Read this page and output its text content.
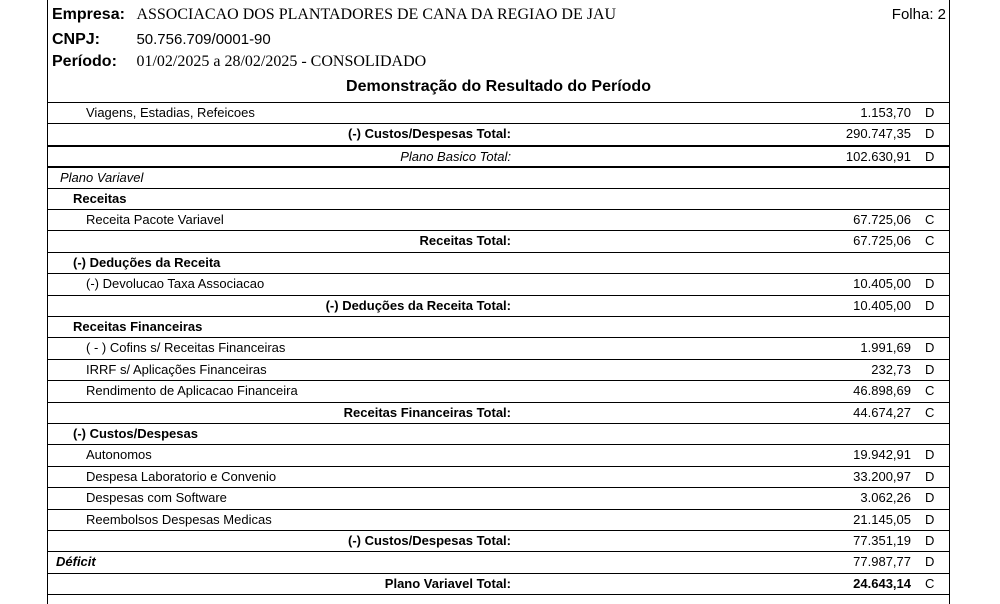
Empresa: ASSOCIACAO DOS PLANTADORES DE CANA DA REGIAO DE JAU	Folha: 2
CNPJ: 50.756.709/0001-90
Período: 01/02/2025 a 28/02/2025 - CONSOLIDADO
Demonstração do Resultado do Período
Viagens, Estadias, Refeicoes	1.153,70 D
(-) Custos/Despesas Total:	290.747,35 D
Plano Basico Total:	102.630,91 D
Plano Variavel
Receitas
Receita Pacote Variavel	67.725,06 C
Receitas Total:	67.725,06 C
(-) Deduções da Receita
(-) Devolucao Taxa Associacao	10.405,00 D
(-) Deduções da Receita Total:	10.405,00 D
Receitas Financeiras
( - ) Cofins s/ Receitas Financeiras	1.991,69 D
IRRF s/ Aplicações Financeiras	232,73 D
Rendimento de Aplicacao Financeira	46.898,69 C
Receitas Financeiras Total:	44.674,27 C
(-) Custos/Despesas
Autonomos	19.942,91 D
Despesa Laboratorio e Convenio	33.200,97 D
Despesas com Software	3.062,26 D
Reembolsos Despesas Medicas	21.145,05 D
(-) Custos/Despesas Total:	77.351,19 D
Déficit	77.987,77 D
Plano Variavel Total:	24.643,14 C
